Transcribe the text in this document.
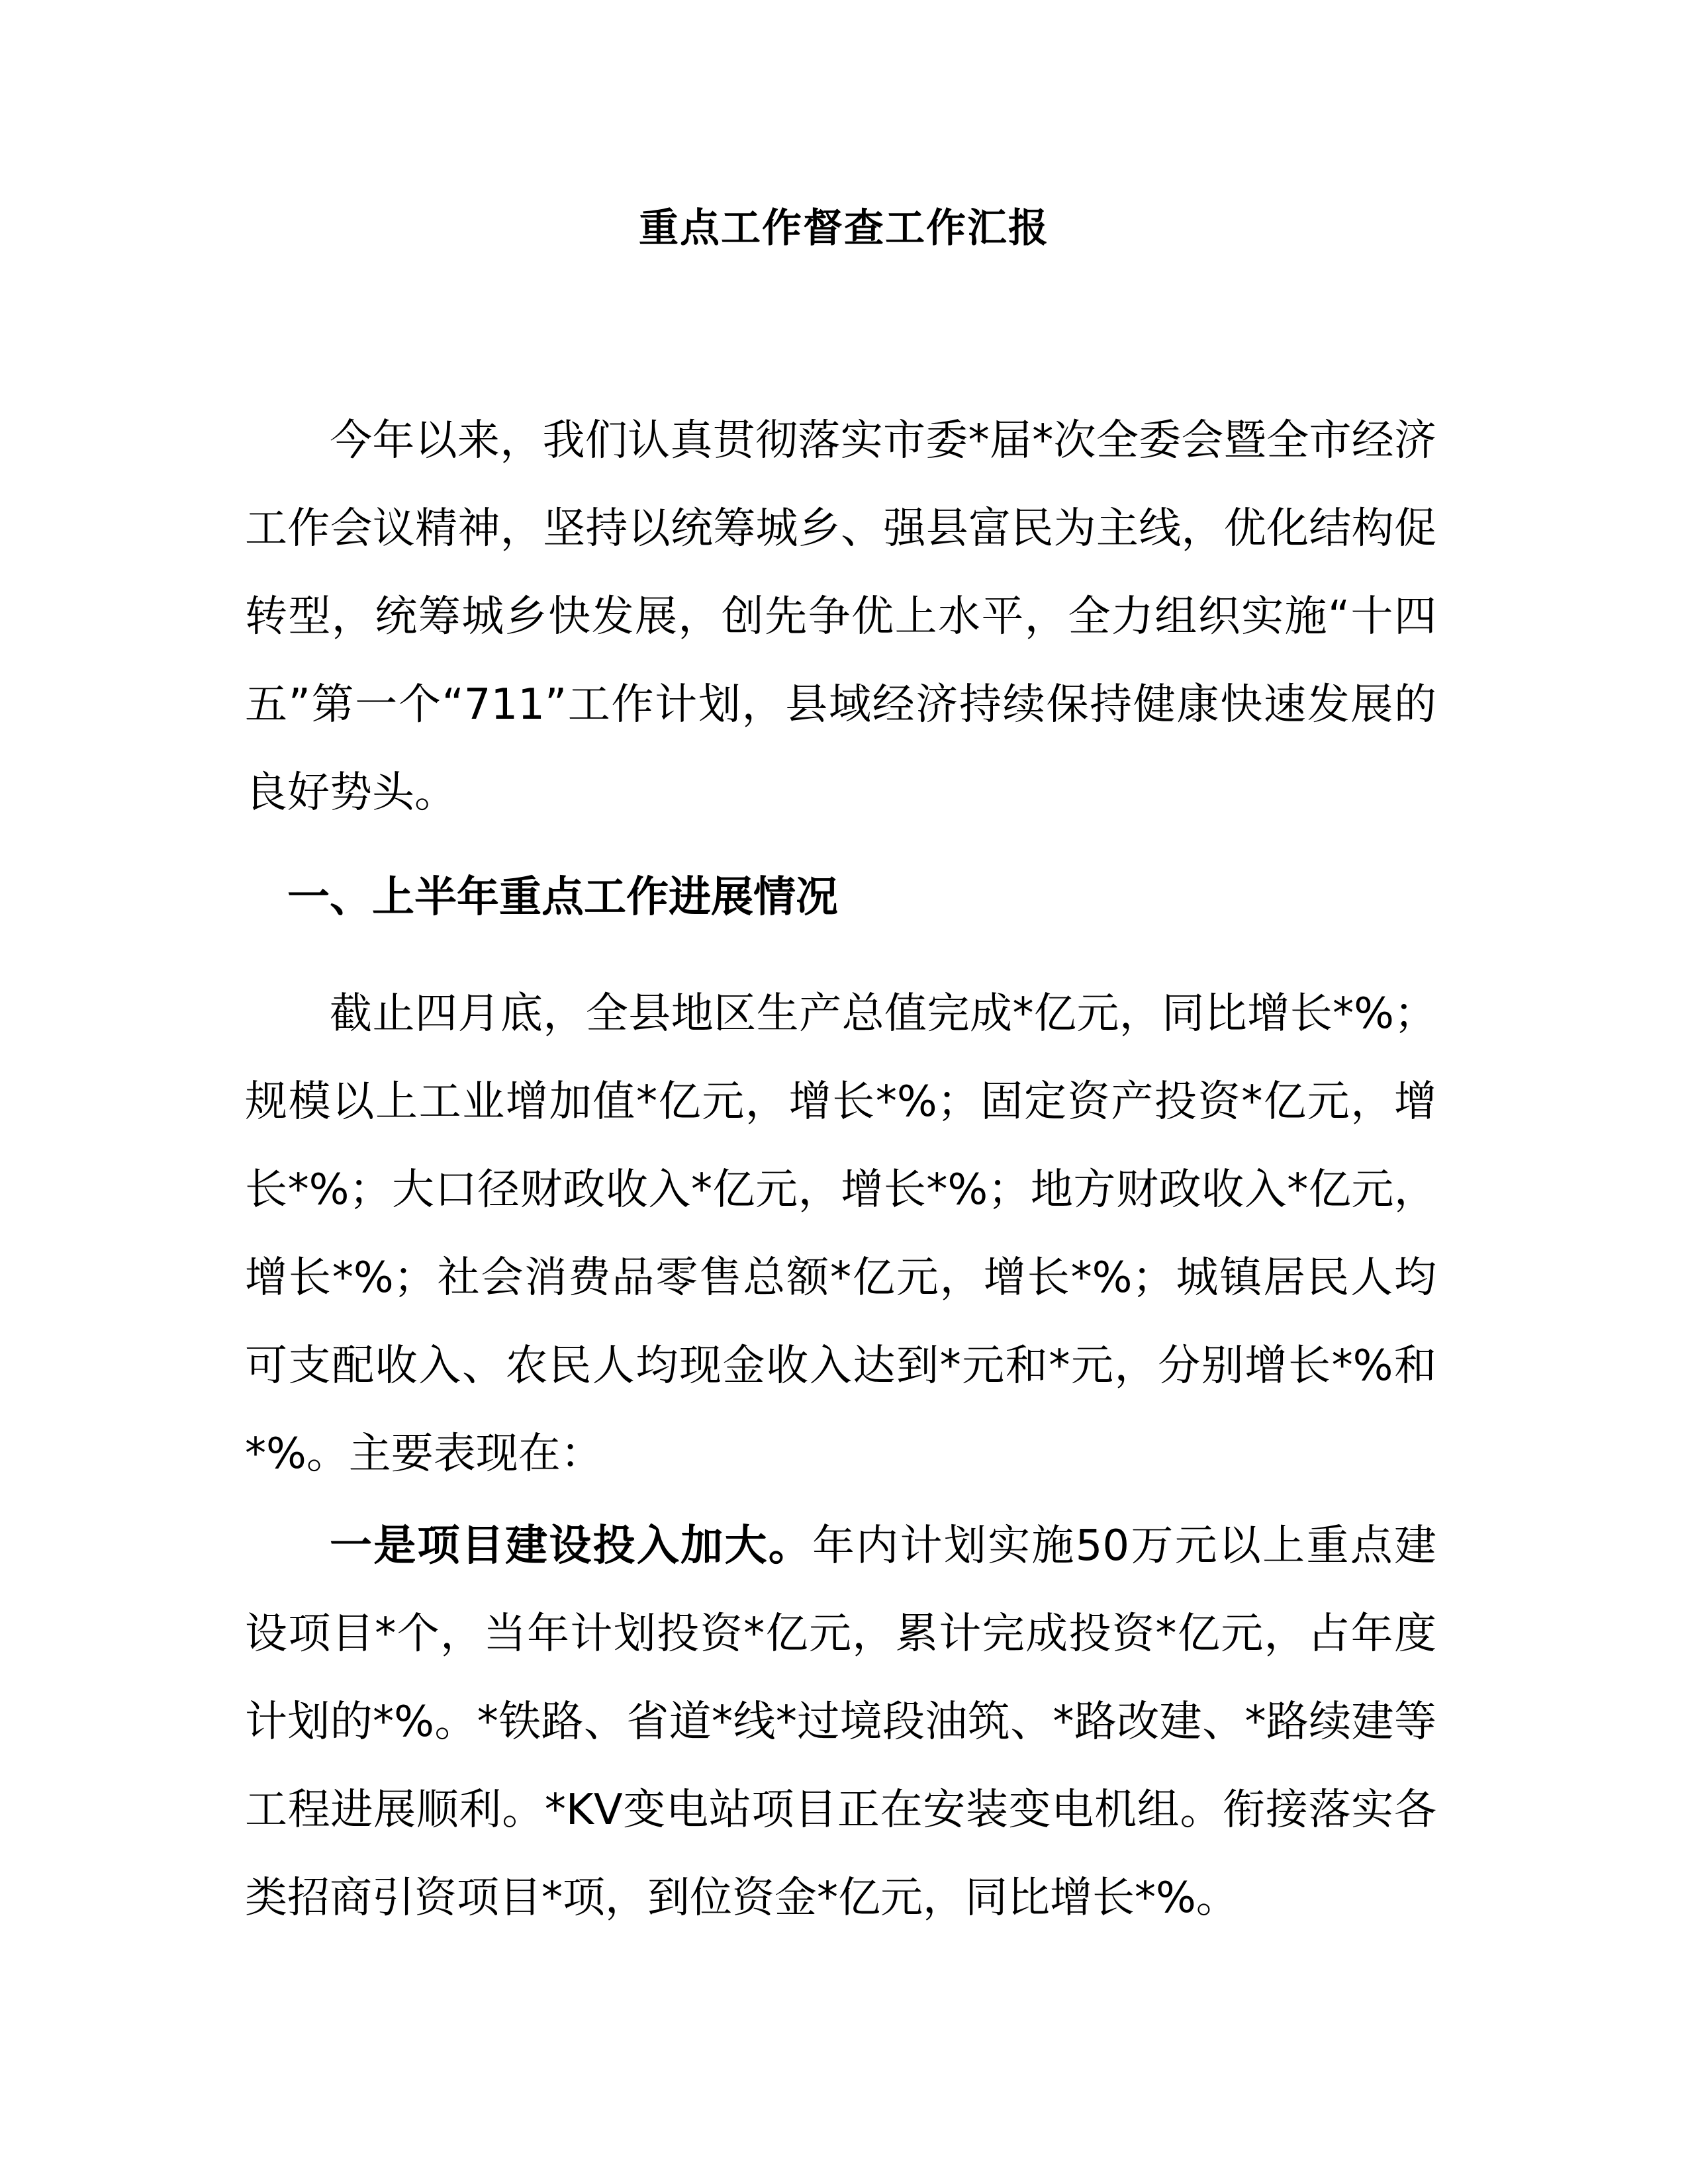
重点工作督查工作汇报

今年以来，我们认真贯彻落实市委*届*次全委会暨全市经济工作会议精神，坚持以统筹城乡、强县富民为主线，优化结构促转型，统筹城乡快发展，创先争优上水平，全力组织实施“十四五”第一个“711”工作计划，县域经济持续保持健康快速发展的良好势头。

一、上半年重点工作进展情况

截止四月底，全县地区生产总值完成*亿元，同比增长*%；规模以上工业增加值*亿元，增长*%；固定资产投资*亿元，增长*%；大口径财政收入*亿元，增长*%；地方财政收入*亿元，增长*%；社会消费品零售总额*亿元，增长*%；城镇居民人均可支配收入、农民人均现金收入达到*元和*元，分别增长*%和*%。主要表现在：

一是项目建设投入加大。年内计划实施50万元以上重点建设项目*个，当年计划投资*亿元，累计完成投资*亿元，占年度计划的*%。*铁路、省道*线*过境段油筑、*路改建、*路续建等工程进展顺利。*KV变电站项目正在安装变电机组。衔接落实各类招商引资项目*项，到位资金*亿元，同比增长*%。
